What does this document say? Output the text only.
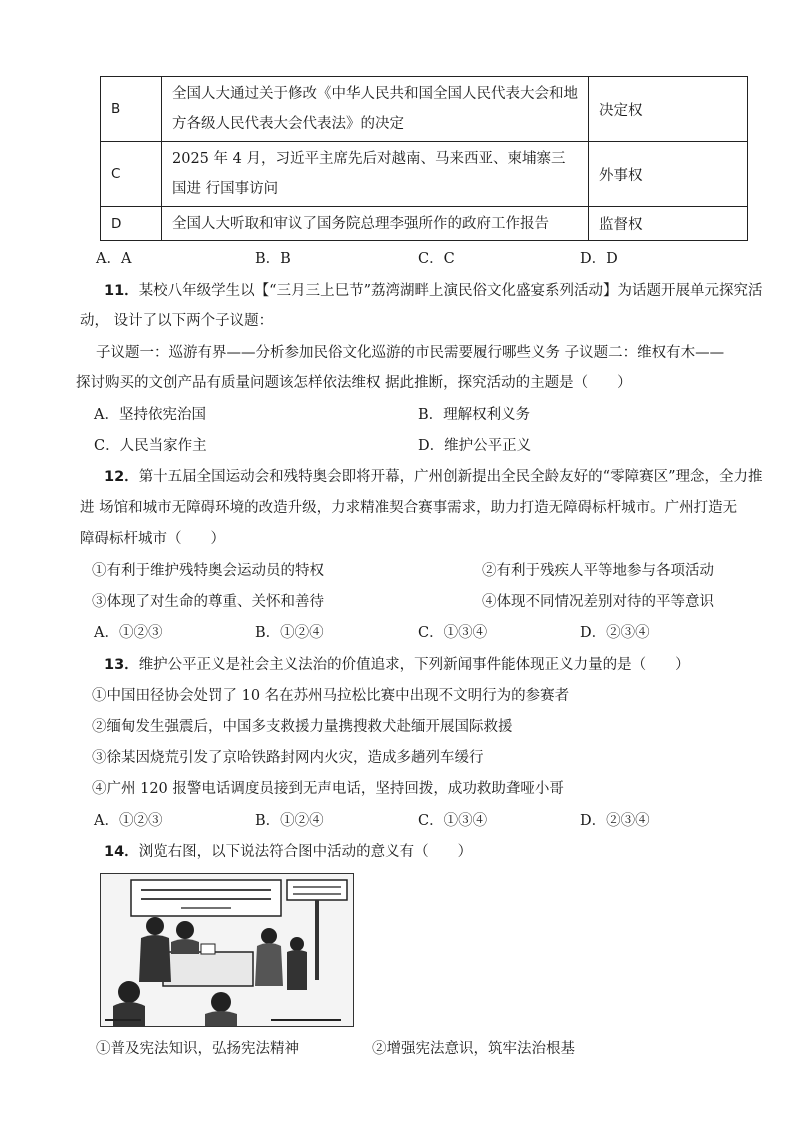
B	全国人大通过关于修改《中华人民共和国全国人民代表大会和地方各级人民代表大会代表法》的决定	决定权
C	2025 年 4 月，习近平主席先后对越南、马来西亚、柬埔寨三国进 行国事访问	外事权
D	全国人大听取和审议了国务院总理李强所作的政府工作报告	监督权
A．A	B．B	C．C	D．D
11．某校八年级学生以【“三月三上巳节”荔湾湖畔上演民俗文化盛宴系列活动】为话题开展单元探究活
动， 设计了以下两个子议题：
子议题一：巡游有界——分析参加民俗文化巡游的市民需要履行哪些义务 子议题二：维权有木——
探讨购买的文创产品有质量问题该怎样依法维权 据此推断，探究活动的主题是（　　）
A．坚持依宪治国	B．理解权利义务
C．人民当家作主	D．维护公平正义
12．第十五届全国运动会和残特奥会即将开幕，广州创新提出全民全龄友好的“零障赛区”理念，全力推
进 场馆和城市无障碍环境的改造升级，力求精准契合赛事需求，助力打造无障碍标杆城市。广州打造无
障碍标杆城市（　　）
①有利于维护残特奥会运动员的特权	②有利于残疾人平等地参与各项活动
③体现了对生命的尊重、关怀和善待	④体现不同情况差别对待的平等意识
A．①②③	B．①②④	C．①③④	D．②③④
13．维护公平正义是社会主义法治的价值追求，下列新闻事件能体现正义力量的是（　　）
①中国田径协会处罚了 10 名在苏州马拉松比赛中出现不文明行为的参赛者
②缅甸发生强震后，中国多支救援力量携搜救犬赴缅开展国际救援
③徐某因烧荒引发了京哈铁路封网内火灾，造成多趟列车缓行
④广州 120 报警电话调度员接到无声电话，坚持回拨，成功救助聋哑小哥
A．①②③	B．①②④	C．①③④	D．②③④
14．浏览右图，以下说法符合图中活动的意义有（　　）
①普及宪法知识，弘扬宪法精神	②增强宪法意识，筑牢法治根基
